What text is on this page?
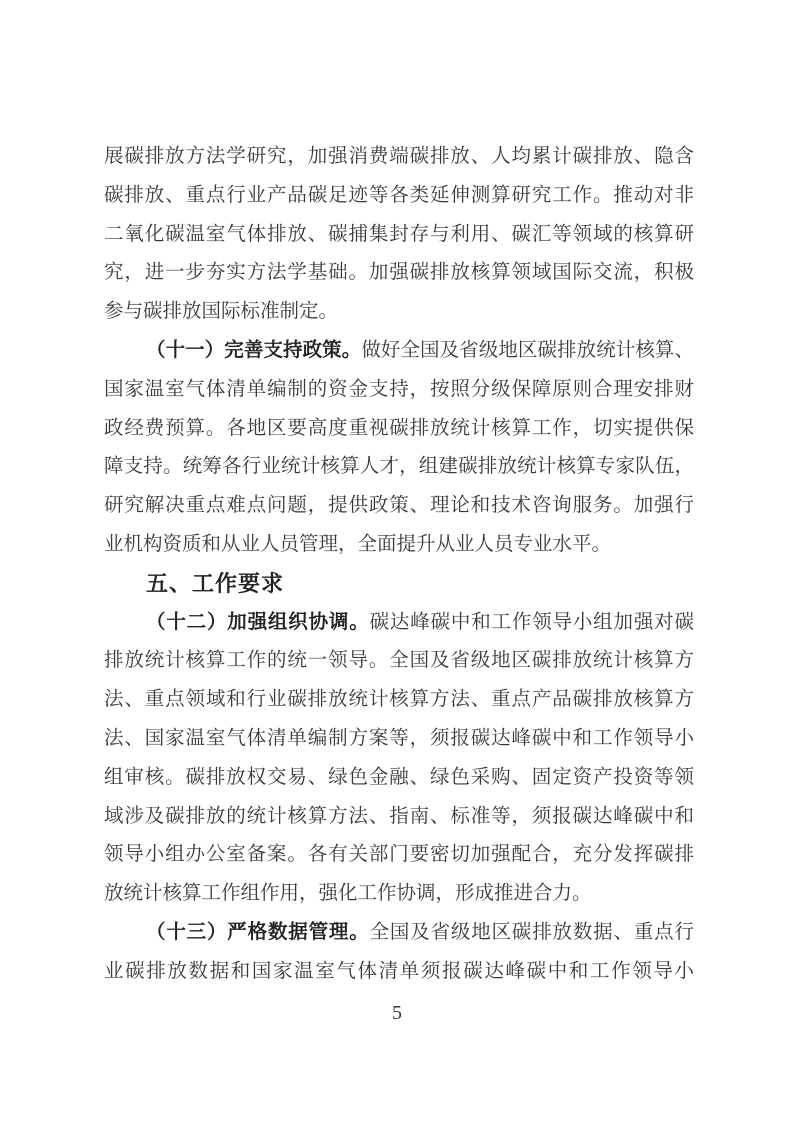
展碳排放方法学研究，加强消费端碳排放、人均累计碳排放、隐含
碳排放、重点行业产品碳足迹等各类延伸测算研究工作。推动对非
二氧化碳温室气体排放、碳捕集封存与利用、碳汇等领域的核算研
究，进一步夯实方法学基础。加强碳排放核算领域国际交流，积极
参与碳排放国际标准制定。
（十一）完善支持政策。做好全国及省级地区碳排放统计核算、
国家温室气体清单编制的资金支持，按照分级保障原则合理安排财
政经费预算。各地区要高度重视碳排放统计核算工作，切实提供保
障支持。统筹各行业统计核算人才，组建碳排放统计核算专家队伍，
研究解决重点难点问题，提供政策、理论和技术咨询服务。加强行
业机构资质和从业人员管理，全面提升从业人员专业水平。
五、工作要求
（十二）加强组织协调。碳达峰碳中和工作领导小组加强对碳
排放统计核算工作的统一领导。全国及省级地区碳排放统计核算方
法、重点领域和行业碳排放统计核算方法、重点产品碳排放核算方
法、国家温室气体清单编制方案等，须报碳达峰碳中和工作领导小
组审核。碳排放权交易、绿色金融、绿色采购、固定资产投资等领
域涉及碳排放的统计核算方法、指南、标准等，须报碳达峰碳中和
领导小组办公室备案。各有关部门要密切加强配合，充分发挥碳排
放统计核算工作组作用，强化工作协调，形成推进合力。
（十三）严格数据管理。全国及省级地区碳排放数据、重点行
业碳排放数据和国家温室气体清单须报碳达峰碳中和工作领导小
5
